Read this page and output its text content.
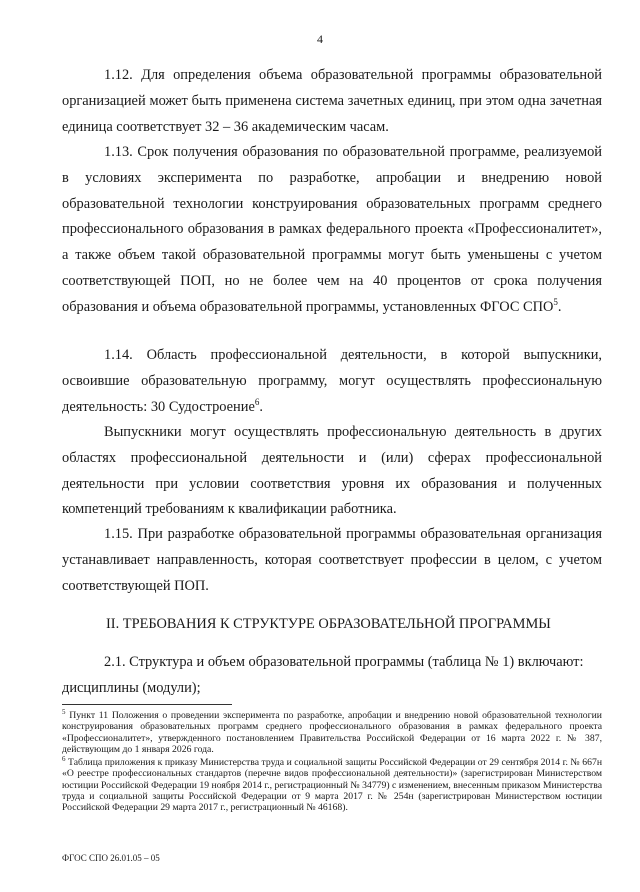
4

1.12. Для определения объема образовательной программы образовательной организацией может быть применена система зачетных единиц, при этом одна зачетная единица соответствует 32 – 36 академическим часам.

1.13. Срок получения образования по образовательной программе, реализуемой в условиях эксперимента по разработке, апробации и внедрению новой образовательной технологии конструирования образовательных программ среднего профессионального образования в рамках федерального проекта «Профессионалитет», а также объем такой образовательной программы могут быть уменьшены с учетом соответствующей ПОП, но не более чем на 40 процентов от срока получения образования и объема образовательной программы, установленных ФГОС СПО$^5$.

1.14. Область профессиональной деятельности, в которой выпускники, освоившие образовательную программу, могут осуществлять профессиональную деятельность: 30 Судостроение$^6$.

Выпускники могут осуществлять профессиональную деятельность в других областях профессиональной деятельности и (или) сферах профессиональной деятельности при условии соответствия уровня их образования и полученных компетенций требованиям к квалификации работника.

1.15. При разработке образовательной программы образовательная организация устанавливает направленность, которая соответствует профессии в целом, с учетом соответствующей ПОП.

II. ТРЕБОВАНИЯ К СТРУКТУРЕ ОБРАЗОВАТЕЛЬНОЙ ПРОГРАММЫ

2.1. Структура и объем образовательной программы (таблица № 1) включают:

дисциплины (модули);

$^5$ Пункт 11 Положения о проведении эксперимента по разработке, апробации и внедрению новой образовательной технологии конструирования образовательных программ среднего профессионального образования в рамках федерального проекта «Профессионалитет», утвержденного постановлением Правительства Российской Федерации от 16 марта 2022 г. № 387, действующим до 1 января 2026 года.

$^6$ Таблица приложения к приказу Министерства труда и социальной защиты Российской Федерации от 29 сентября 2014 г. № 667н «О реестре профессиональных стандартов (перечне видов профессиональной деятельности)» (зарегистрирован Министерством юстиции Российской Федерации 19 ноября 2014 г., регистрационный № 34779) с изменением, внесенным приказом Министерства труда и социальной защиты Российской Федерации от 9 марта 2017 г. № 254н (зарегистрирован Министерством юстиции Российской Федерации 29 марта 2017 г., регистрационный № 46168).

ФГОС СПО 26.01.05 – 05
